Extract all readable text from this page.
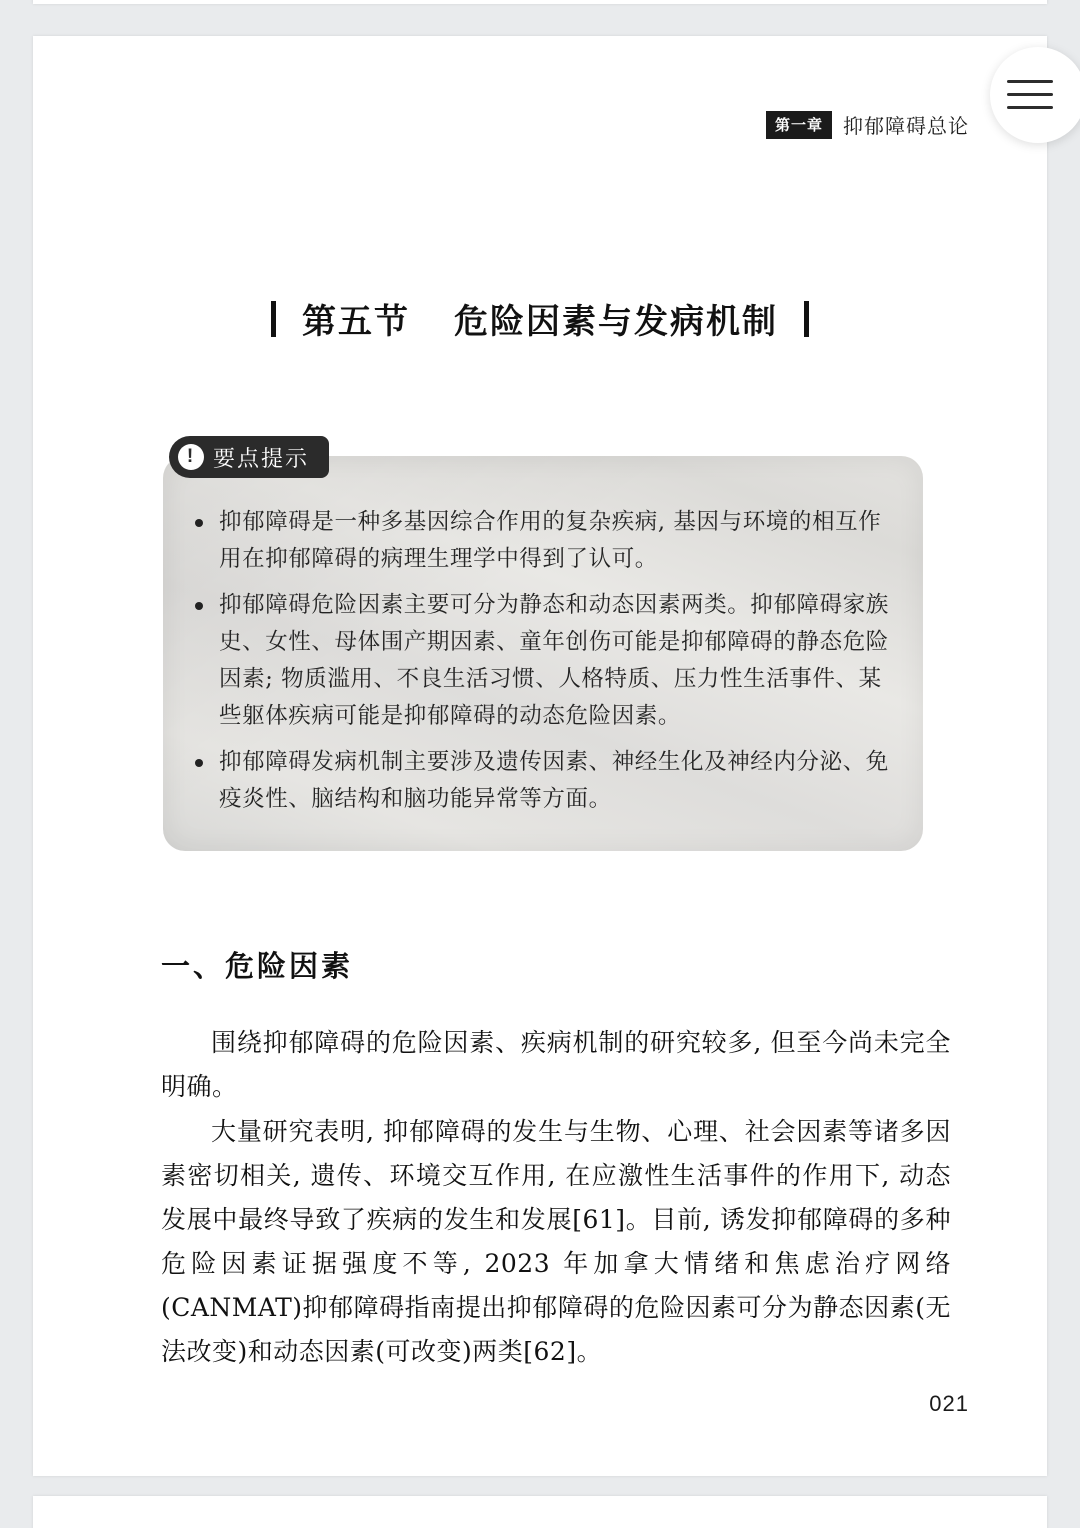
第一章	抑郁障碍总论
第五节 危险因素与发病机制
! 要点提示
抑郁障碍是一种多基因综合作用的复杂疾病, 基因与环境的相互作用在抑郁障碍的病理生理学中得到了认可。
抑郁障碍危险因素主要可分为静态和动态因素两类。抑郁障碍家族史、女性、母体围产期因素、童年创伤可能是抑郁障碍的静态危险因素; 物质滥用、不良生活习惯、人格特质、压力性生活事件、某些躯体疾病可能是抑郁障碍的动态危险因素。
抑郁障碍发病机制主要涉及遗传因素、神经生化及神经内分泌、免疫炎性、脑结构和脑功能异常等方面。
一、危险因素

围绕抑郁障碍的危险因素、疾病机制的研究较多, 但至今尚未完全明确。

大量研究表明, 抑郁障碍的发生与生物、心理、社会因素等诸多因素密切相关, 遗传、环境交互作用, 在应激性生活事件的作用下, 动态发展中最终导致了疾病的发生和发展[61]。目前, 诱发抑郁障碍的多种危险因素证据强度不等, 2023 年加拿大情绪和焦虑治疗网络(CANMAT)抑郁障碍指南提出抑郁障碍的危险因素可分为静态因素(无法改变)和动态因素(可改变)两类[62]。

021
